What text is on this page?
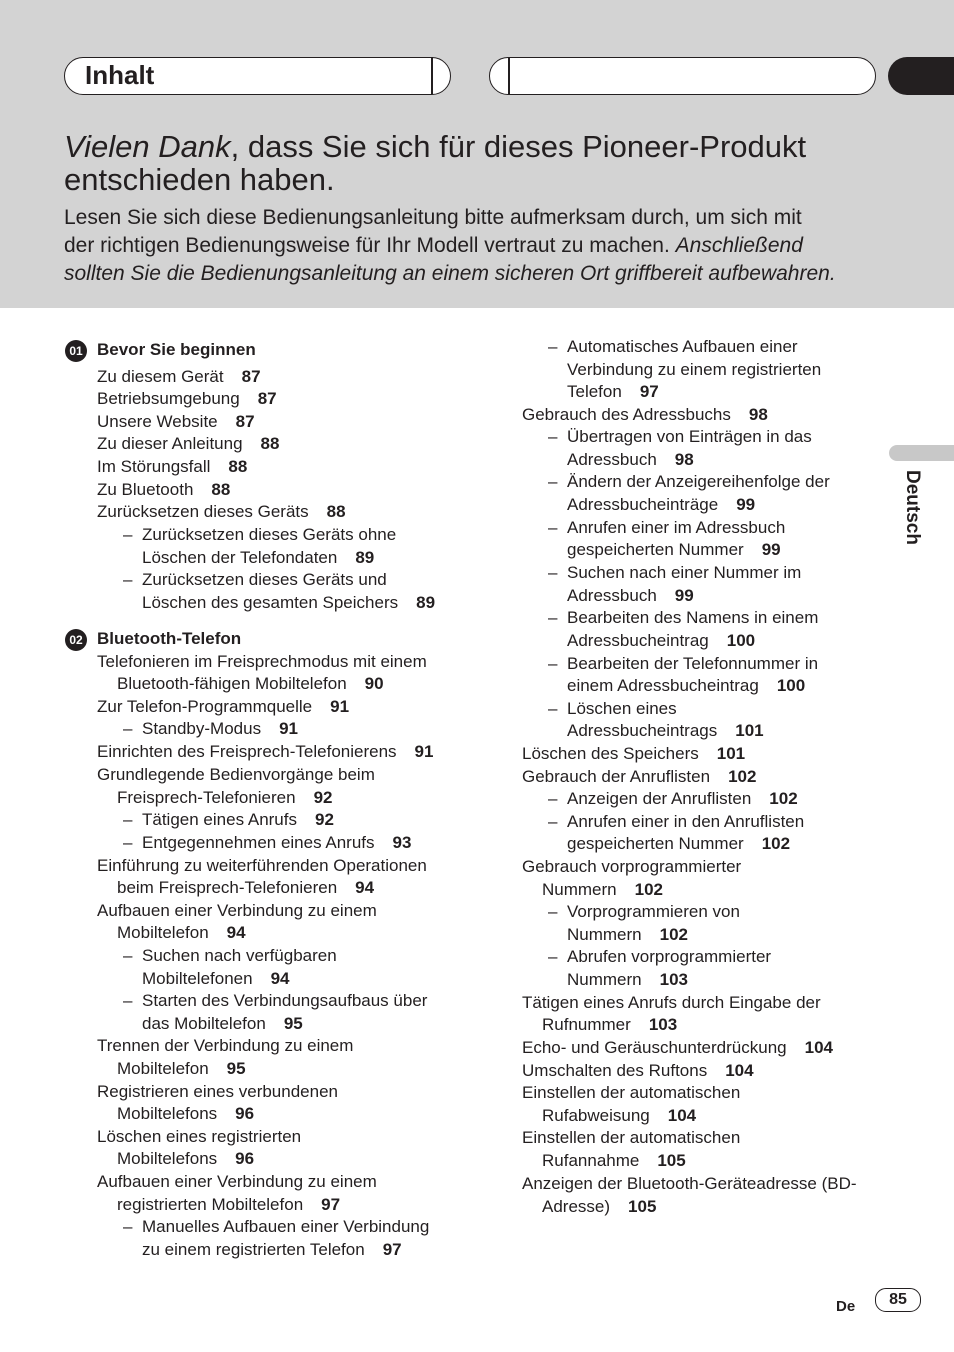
Inhalt
Vielen Dank, dass Sie sich für dieses Pioneer-Produkt
entschieden haben.

Lesen Sie sich diese Bedienungsanleitung bitte aufmerksam durch, um sich mit
der richtigen Bedienungsweise für Ihr Modell vertraut zu machen. Anschließend
sollten Sie die Bedienungsanleitung an einem sicheren Ort griffbereit aufbewahren.

01 Bevor Sie beginnen
02 Bluetooth-Telefon
Zu diesem Gerät 87
Betriebsumgebung 87
Unsere Website 87
Zu dieser Anleitung 88
Im Störungsfall 88
Zu Bluetooth 88
Zurücksetzen dieses Geräts 88
– Zurücksetzen dieses Geräts ohne
Löschen der Telefondaten 89
– Zurücksetzen dieses Geräts und
Löschen des gesamten Speichers 89
Telefonieren im Freisprechmodus mit einem
Bluetooth-fähigen Mobiltelefon 90
Zur Telefon-Programmquelle 91
– Standby-Modus 91
Einrichten des Freisprech-Telefonierens 91
Grundlegende Bedienvorgänge beim
Freisprech-Telefonieren 92
– Tätigen eines Anrufs 92
– Entgegennehmen eines Anrufs 93
Einführung zu weiterführenden Operationen
beim Freisprech-Telefonieren 94
Aufbauen einer Verbindung zu einem
Mobiltelefon 94
– Suchen nach verfügbaren
Mobiltelefonen 94
– Starten des Verbindungsaufbaus über
das Mobiltelefon 95
Trennen der Verbindung zu einem
Mobiltelefon 95
Registrieren eines verbundenen
Mobiltelefons 96
Löschen eines registrierten
Mobiltelefons 96
Aufbauen einer Verbindung zu einem
registrierten Mobiltelefon 97
– Manuelles Aufbauen einer Verbindung
zu einem registrierten Telefon 97
– Automatisches Aufbauen einer
Verbindung zu einem registrierten
Telefon 97
Gebrauch des Adressbuchs 98
– Übertragen von Einträgen in das
Adressbuch 98
– Ändern der Anzeigereihenfolge der
Adressbucheinträge 99
– Anrufen einer im Adressbuch
gespeicherten Nummer 99
– Suchen nach einer Nummer im
Adressbuch 99
– Bearbeiten des Namens in einem
Adressbucheintrag 100
– Bearbeiten der Telefonnummer in
einem Adressbucheintrag 100
– Löschen eines
Adressbucheintrags 101
Löschen des Speichers 101
Gebrauch der Anruflisten 102
– Anzeigen der Anruflisten 102
– Anrufen einer in den Anruflisten
gespeicherten Nummer 102
Gebrauch vorprogrammierter
Nummern 102
– Vorprogrammieren von
Nummern 102
– Abrufen vorprogrammierter
Nummern 103
Tätigen eines Anrufs durch Eingabe der
Rufnummer 103
Echo- und Geräuschunterdrückung 104
Umschalten des Ruftons 104
Einstellen der automatischen
Rufabweisung 104
Einstellen der automatischen
Rufannahme 105
Anzeigen der Bluetooth-Geräteadresse (BD-
Adresse) 105
Deutsch
De	85
